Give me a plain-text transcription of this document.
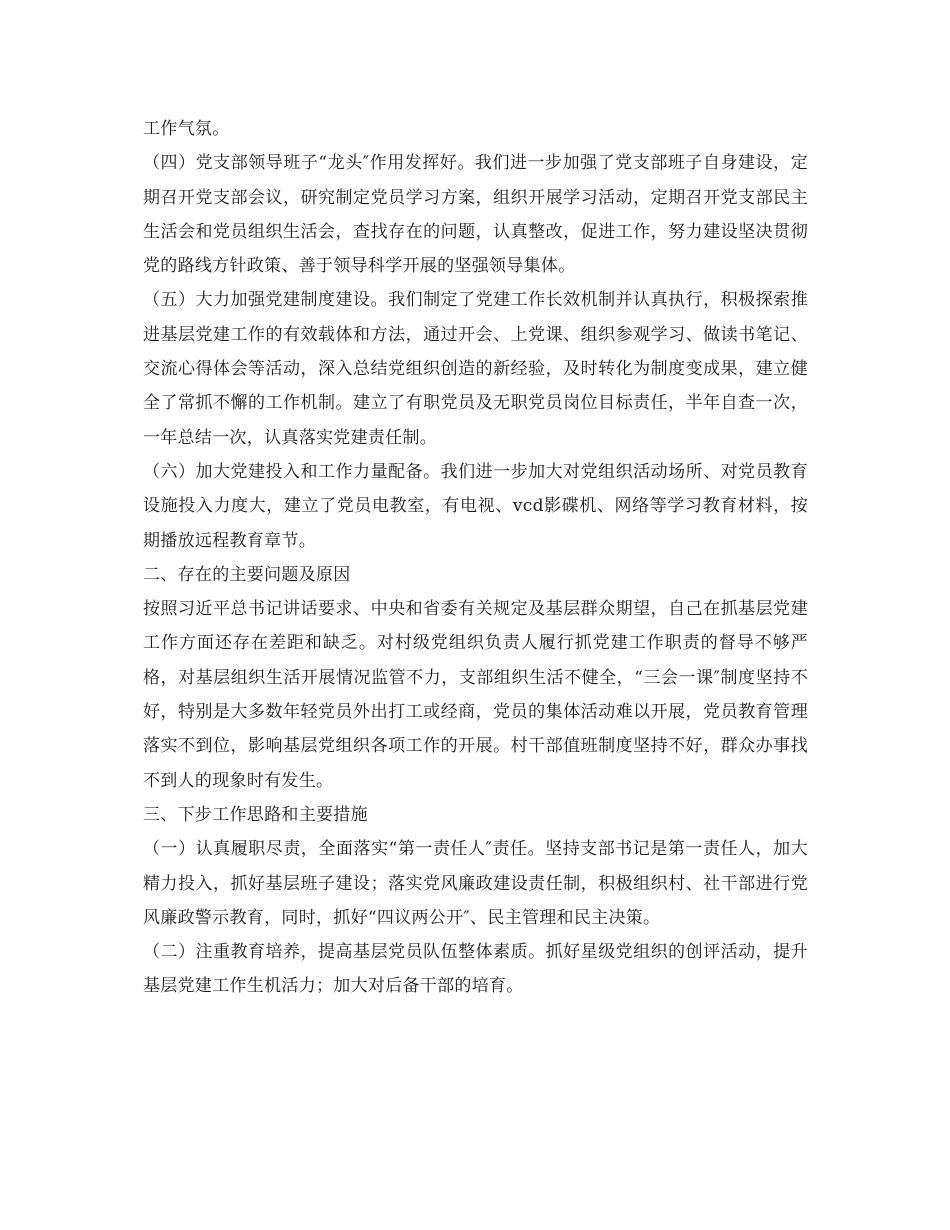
工作气氛。

（四）党支部领导班子“龙头″作用发挥好。我们进一步加强了党支部班子自身建设，定期召开党支部会议，研究制定党员学习方案，组织开展学习活动，定期召开党支部民主生活会和党员组织生活会，查找存在的问题，认真整改，促进工作，努力建设坚决贯彻党的路线方针政策、善于领导科学开展的坚强领导集体。

（五）大力加强党建制度建设。我们制定了党建工作长效机制并认真执行，积极探索推进基层党建工作的有效载体和方法，通过开会、上党课、组织参观学习、做读书笔记、交流心得体会等活动，深入总结党组织创造的新经验，及时转化为制度变成果，建立健全了常抓不懈的工作机制。建立了有职党员及无职党员岗位目标责任，半年自查一次，一年总结一次，认真落实党建责任制。

（六）加大党建投入和工作力量配备。我们进一步加大对党组织活动场所、对党员教育设施投入力度大，建立了党员电教室，有电视、vcd影碟机、网络等学习教育材料，按期播放远程教育章节。

二、存在的主要问题及原因

按照习近平总书记讲话要求、中央和省委有关规定及基层群众期望，自己在抓基层党建工作方面还存在差距和缺乏。对村级党组织负责人履行抓党建工作职责的督导不够严格，对基层组织生活开展情况监管不力，支部组织生活不健全，“三会一课″制度坚持不好，特别是大多数年轻党员外出打工或经商，党员的集体活动难以开展，党员教育管理落实不到位，影响基层党组织各项工作的开展。村干部值班制度坚持不好，群众办事找不到人的现象时有发生。

三、下步工作思路和主要措施

（一）认真履职尽责，全面落实“第一责任人″责任。坚持支部书记是第一责任人，加大精力投入，抓好基层班子建设；落实党风廉政建设责任制，积极组织村、社干部进行党风廉政警示教育，同时，抓好“四议两公开″、民主管理和民主决策。

（二）注重教育培养，提高基层党员队伍整体素质。抓好星级党组织的创评活动，提升基层党建工作生机活力；加大对后备干部的培育。
